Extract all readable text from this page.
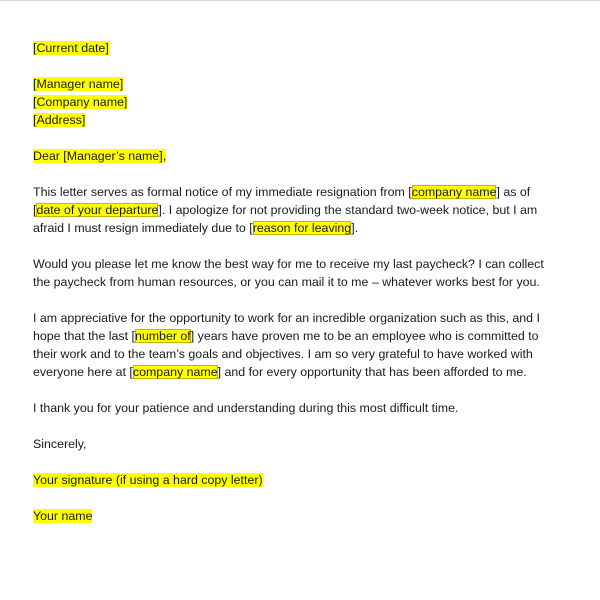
[Current date]
[Manager name]
[Company name]
[Address]
Dear [Manager’s name],
This letter serves as formal notice of my immediate resignation from [company name] as of
[date of your departure]. I apologize for not providing the standard two-week notice, but I am
afraid I must resign immediately due to [reason for leaving].
Would you please let me know the best way for me to receive my last paycheck? I can collect
the paycheck from human resources, or you can mail it to me – whatever works best for you.
I am appreciative for the opportunity to work for an incredible organization such as this, and I
hope that the last [number of] years have proven me to be an employee who is committed to
their work and to the team’s goals and objectives. I am so very grateful to have worked with
everyone here at [company name] and for every opportunity that has been afforded to me.
I thank you for your patience and understanding during this most difficult time.
Sincerely,
Your signature (if using a hard copy letter)
Your name
